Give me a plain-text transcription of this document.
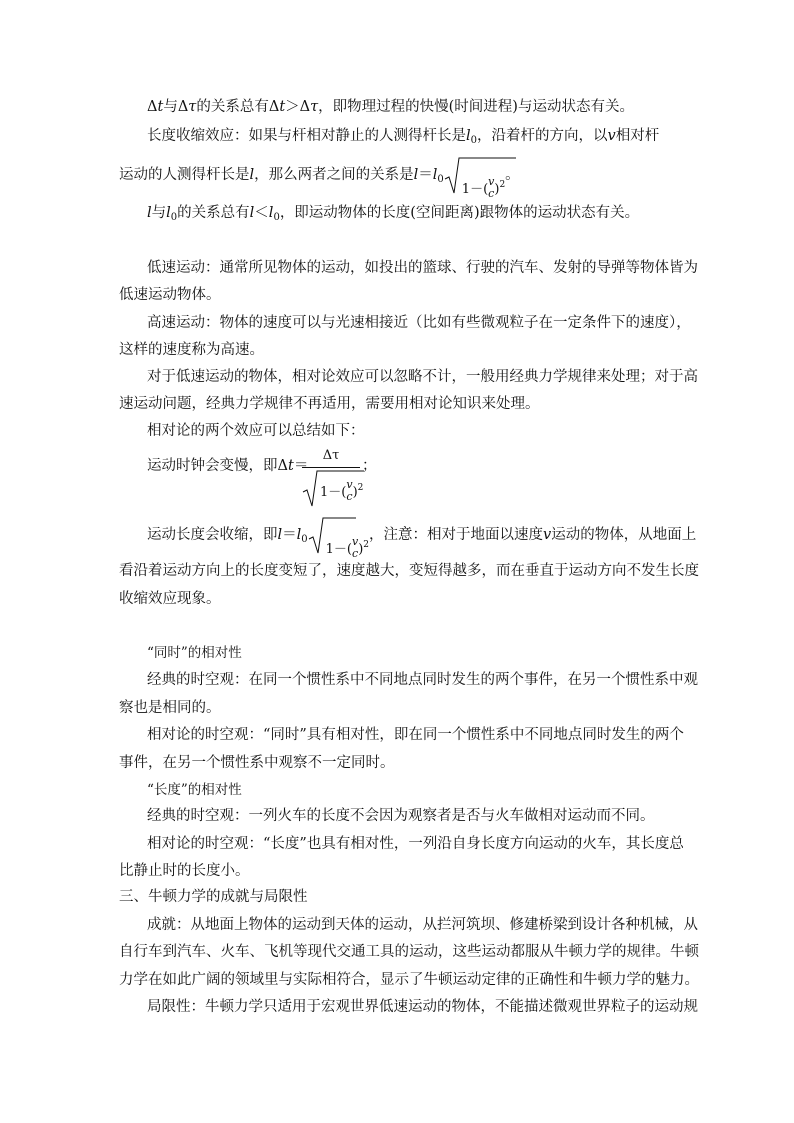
Δt与Δτ的关系总有Δt＞Δτ，即物理过程的快慢(时间进程)与运动状态有关。
长度收缩效应：如果与杆相对静止的人测得杆长是$l_0$，沿着杆的方向，以v相对杆
运动的人测得杆长是l，那么两者之间的关系是$l=l_0$
1－(
v
c )$^2$。
l与$l_0$的关系总有$l<l_0$，即运动物体的长度(空间距离)跟物体的运动状态有关。
低速运动：通常所见物体的运动，如投出的篮球、行驶的汽车、发射的导弹等物体皆为
低速运动物体。
高速运动：物体的速度可以与光速相接近（比如有些微观粒子在一定条件下的速度），
这样的速度称为高速。
对于低速运动的物体，相对论效应可以忽略不计，一般用经典力学规律来处理；对于高
速运动问题，经典力学规律不再适用，需要用相对论知识来处理。
相对论的两个效应可以总结如下：
运动时钟会变慢，即Δt＝
Δτ
1－(
v
c )$^2$
；
运动长度会收缩，即$l=l_0$
1－(
v
c )$^2$，注意：相对于地面以速度v运动的物体，从地面上
看沿着运动方向上的长度变短了，速度越大，变短得越多，而在垂直于运动方向不发生长度
收缩效应现象。
“同时”的相对性
经典的时空观：在同一个惯性系中不同地点同时发生的两个事件，在另一个惯性系中观
察也是相同的。
相对论的时空观：“同时”具有相对性，即在同一个惯性系中不同地点同时发生的两个
事件，在另一个惯性系中观察不一定同时。
“长度”的相对性
经典的时空观：一列火车的长度不会因为观察者是否与火车做相对运动而不同。
相对论的时空观：“长度”也具有相对性，一列沿自身长度方向运动的火车，其长度总
比静止时的长度小。
三、牛顿力学的成就与局限性
成就：从地面上物体的运动到天体的运动，从拦河筑坝、修建桥梁到设计各种机械，从
自行车到汽车、火车、飞机等现代交通工具的运动，这些运动都服从牛顿力学的规律。牛顿
力学在如此广阔的领域里与实际相符合，显示了牛顿运动定律的正确性和牛顿力学的魅力。
局限性：牛顿力学只适用于宏观世界低速运动的物体，不能描述微观世界粒子的运动规
